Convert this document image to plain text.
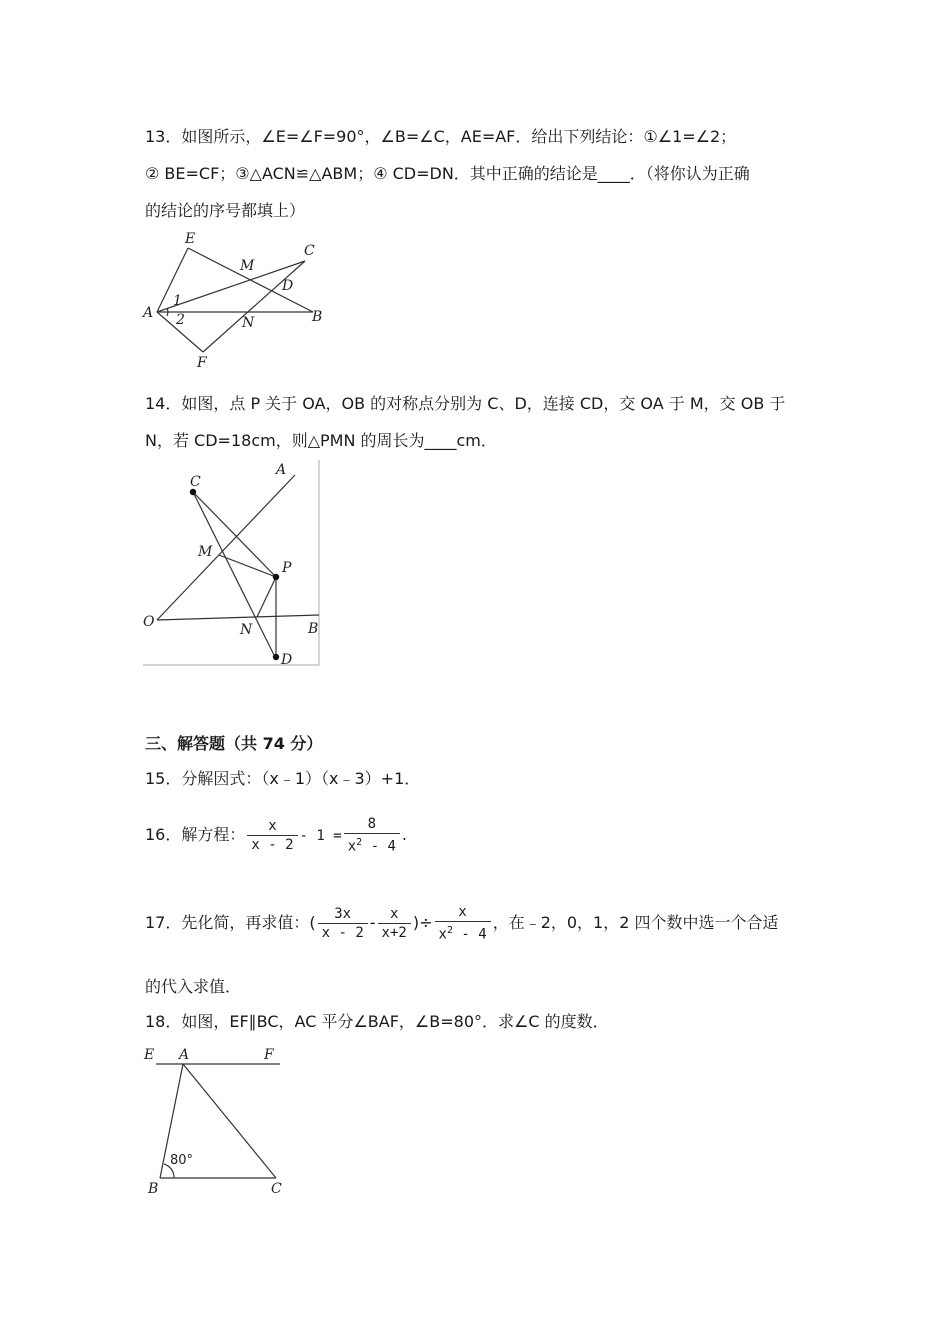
13．如图所示，∠E=∠F=90°，∠B=∠C，AE=AF．给出下列结论：①∠1=∠2；
② BE=CF；③△ACN≌△ABM；④ CD=DN．其中正确的结论是____．（将你认为正确
的结论的序号都填上）
E
M
C
A
1
2
D
N	B
F
14．如图，点 P 关于 OA，OB 的对称点分别为 C、D，连接 CD，交 OA 于 M，交 OB 于
N，若 CD=18cm，则△PMN 的周长为____cm．
C
A
M
P
O	N	B
D
三、解答题（共 74 分）
15．分解因式：（x﹣1）（x﹣3）+1．
16．解方程： $\frac{x}{x - 2} - 1 = \frac{8}{x^2 - 4}$ .
17．先化简，再求值：( $\frac{3x}{x - 2} - \frac{x}{x+2}$ )÷ $\frac{x}{x^2 - 4}$ ，在﹣2，0，1，2 四个数中选一个合适
的代入求值．
18．如图，EF∥BC，AC 平分∠BAF，∠B=80°．求∠C 的度数．
E A	F
80°
B	C
